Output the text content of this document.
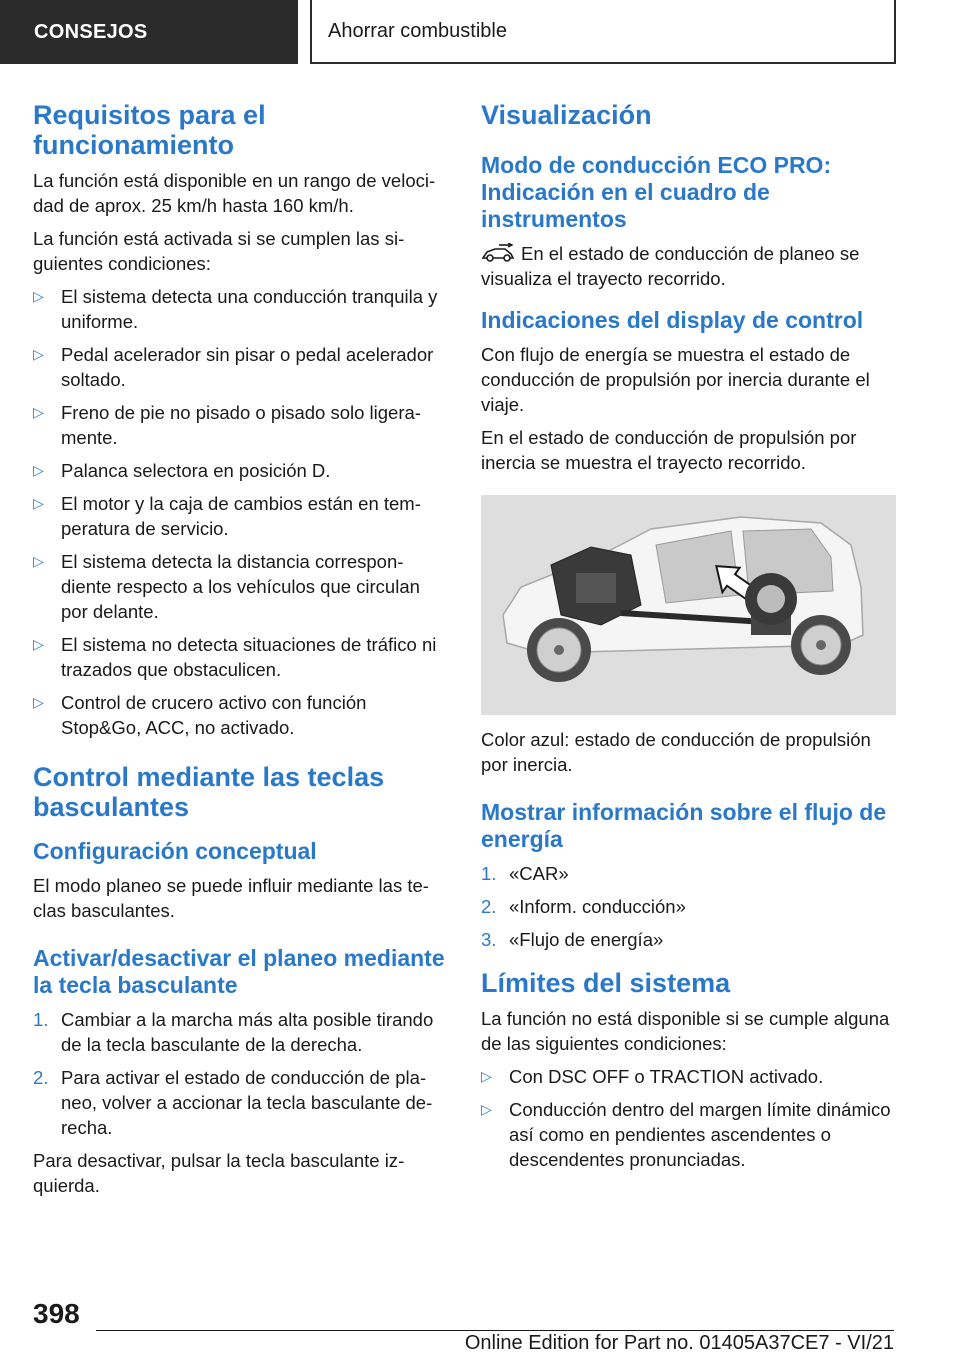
CONSEJOS	Ahorrar combustible
Requisitos para el funcionamiento

La función está disponible en un rango de velocidad de aprox. 25 km/h hasta 160 km/h.

La función está activada si se cumplen las siguientes condiciones:

▷ El sistema detecta una conducción tranquila y uniforme.
▷ Pedal acelerador sin pisar o pedal acelerador soltado.
▷ Freno de pie no pisado o pisado solo ligeramente.
▷ Palanca selectora en posición D.
▷ El motor y la caja de cambios están en temperatura de servicio.
▷ El sistema detecta la distancia correspondiente respecto a los vehículos que circulan por delante.
▷ El sistema no detecta situaciones de tráfico ni trazados que obstaculicen.
▷ Control de crucero activo con función Stop&Go, ACC, no activado.
Control mediante las teclas basculantes
Configuración conceptual

El modo planeo se puede influir mediante las teclas basculantes.

Activar/desactivar el planeo mediante la tecla basculante
1. Cambiar a la marcha más alta posible tirando de la tecla basculante de la derecha.
2. Para activar el estado de conducción de planeo, volver a accionar la tecla basculante derecha.

Para desactivar, pulsar la tecla basculante izquierda.

Visualización
Modo de conducción ECO PRO: Indicación en el cuadro de instrumentos

En el estado de conducción de planeo se visualiza el trayecto recorrido.

Indicaciones del display de control

Con flujo de energía se muestra el estado de conducción de propulsión por inercia durante el viaje.

En el estado de conducción de propulsión por inercia se muestra el trayecto recorrido.

Color azul: estado de conducción de propulsión por inercia.

Mostrar información sobre el flujo de energía
1. «CAR»
2. «Inform. conducción»
3. «Flujo de energía»
Límites del sistema

La función no está disponible si se cumple alguna de las siguientes condiciones:

▷ Con DSC OFF o TRACTION activado.
▷ Conducción dentro del margen límite dinámico así como en pendientes ascendentes o descendentes pronunciadas.
398
Online Edition for Part no. 01405A37CE7 - VI/21
